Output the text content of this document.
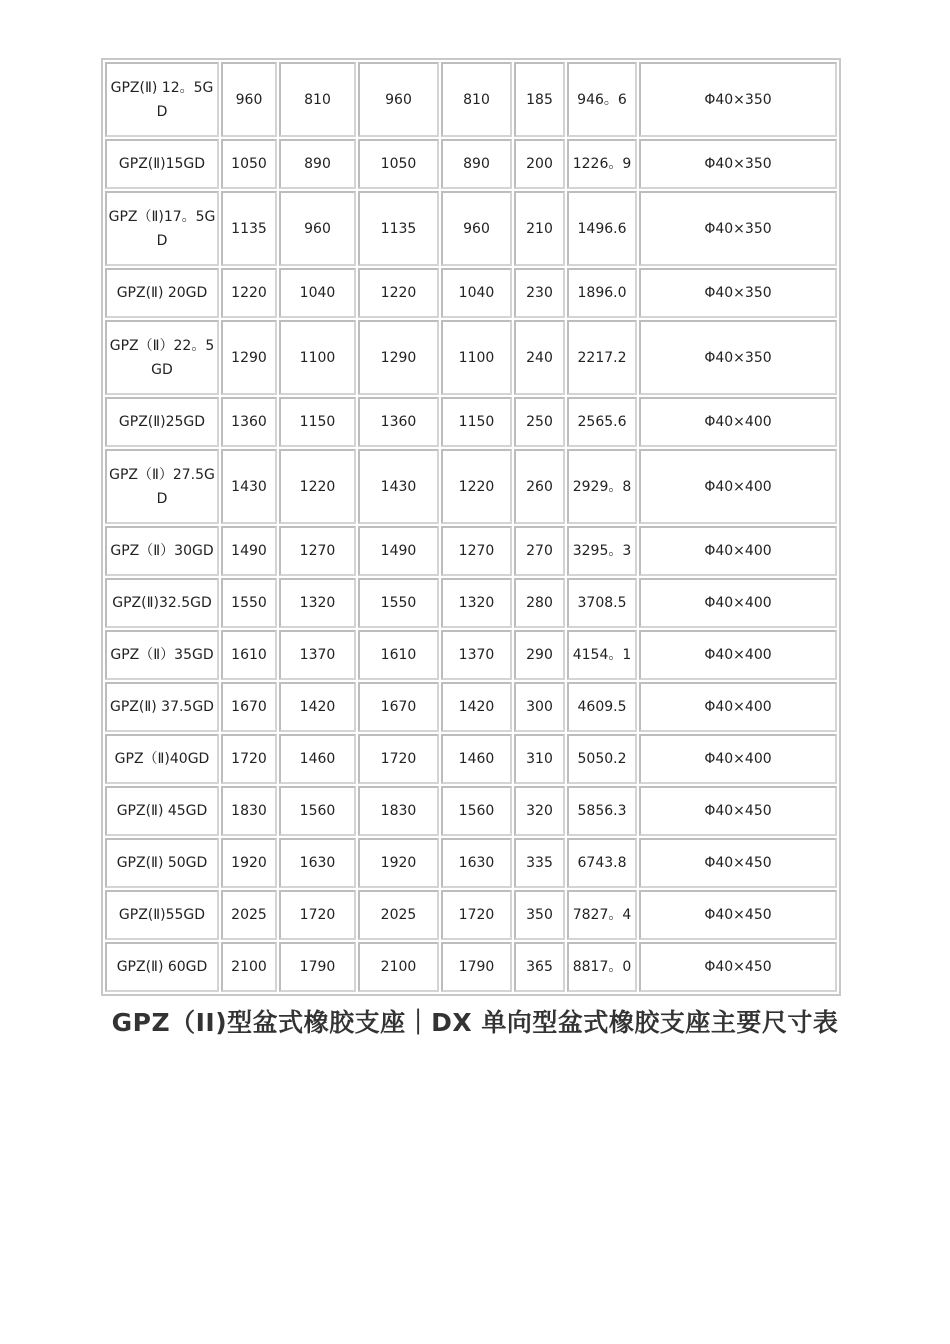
GPZ(Ⅱ) 12。5GD	960	810	960	810	185	946。6	Φ40×350
GPZ(Ⅱ)15GD	1050	890	1050	890	200	1226。9	Φ40×350
GPZ（Ⅱ)17。5GD	1135	960	1135	960	210	1496.6	Φ40×350
GPZ(Ⅱ) 20GD	1220	1040	1220	1040	230	1896.0	Φ40×350
GPZ（Ⅱ）22。5GD	1290	1100	1290	1100	240	2217.2	Φ40×350
GPZ(Ⅱ)25GD	1360	1150	1360	1150	250	2565.6	Φ40×400
GPZ（Ⅱ）27.5GD	1430	1220	1430	1220	260	2929。8	Φ40×400
GPZ（Ⅱ）30GD	1490	1270	1490	1270	270	3295。3	Φ40×400
GPZ(Ⅱ)32.5GD	1550	1320	1550	1320	280	3708.5	Φ40×400
GPZ（Ⅱ）35GD	1610	1370	1610	1370	290	4154。1	Φ40×400
GPZ(Ⅱ) 37.5GD	1670	1420	1670	1420	300	4609.5	Φ40×400
GPZ（Ⅱ)40GD	1720	1460	1720	1460	310	5050.2	Φ40×400
GPZ(Ⅱ) 45GD	1830	1560	1830	1560	320	5856.3	Φ40×450
GPZ(Ⅱ) 50GD	1920	1630	1920	1630	335	6743.8	Φ40×450
GPZ(Ⅱ)55GD	2025	1720	2025	1720	350	7827。4	Φ40×450
GPZ(Ⅱ) 60GD	2100	1790	2100	1790	365	8817。0	Φ40×450
GPZ（II)型盆式橡胶支座｜DX 单向型盆式橡胶支座主要尺寸表
